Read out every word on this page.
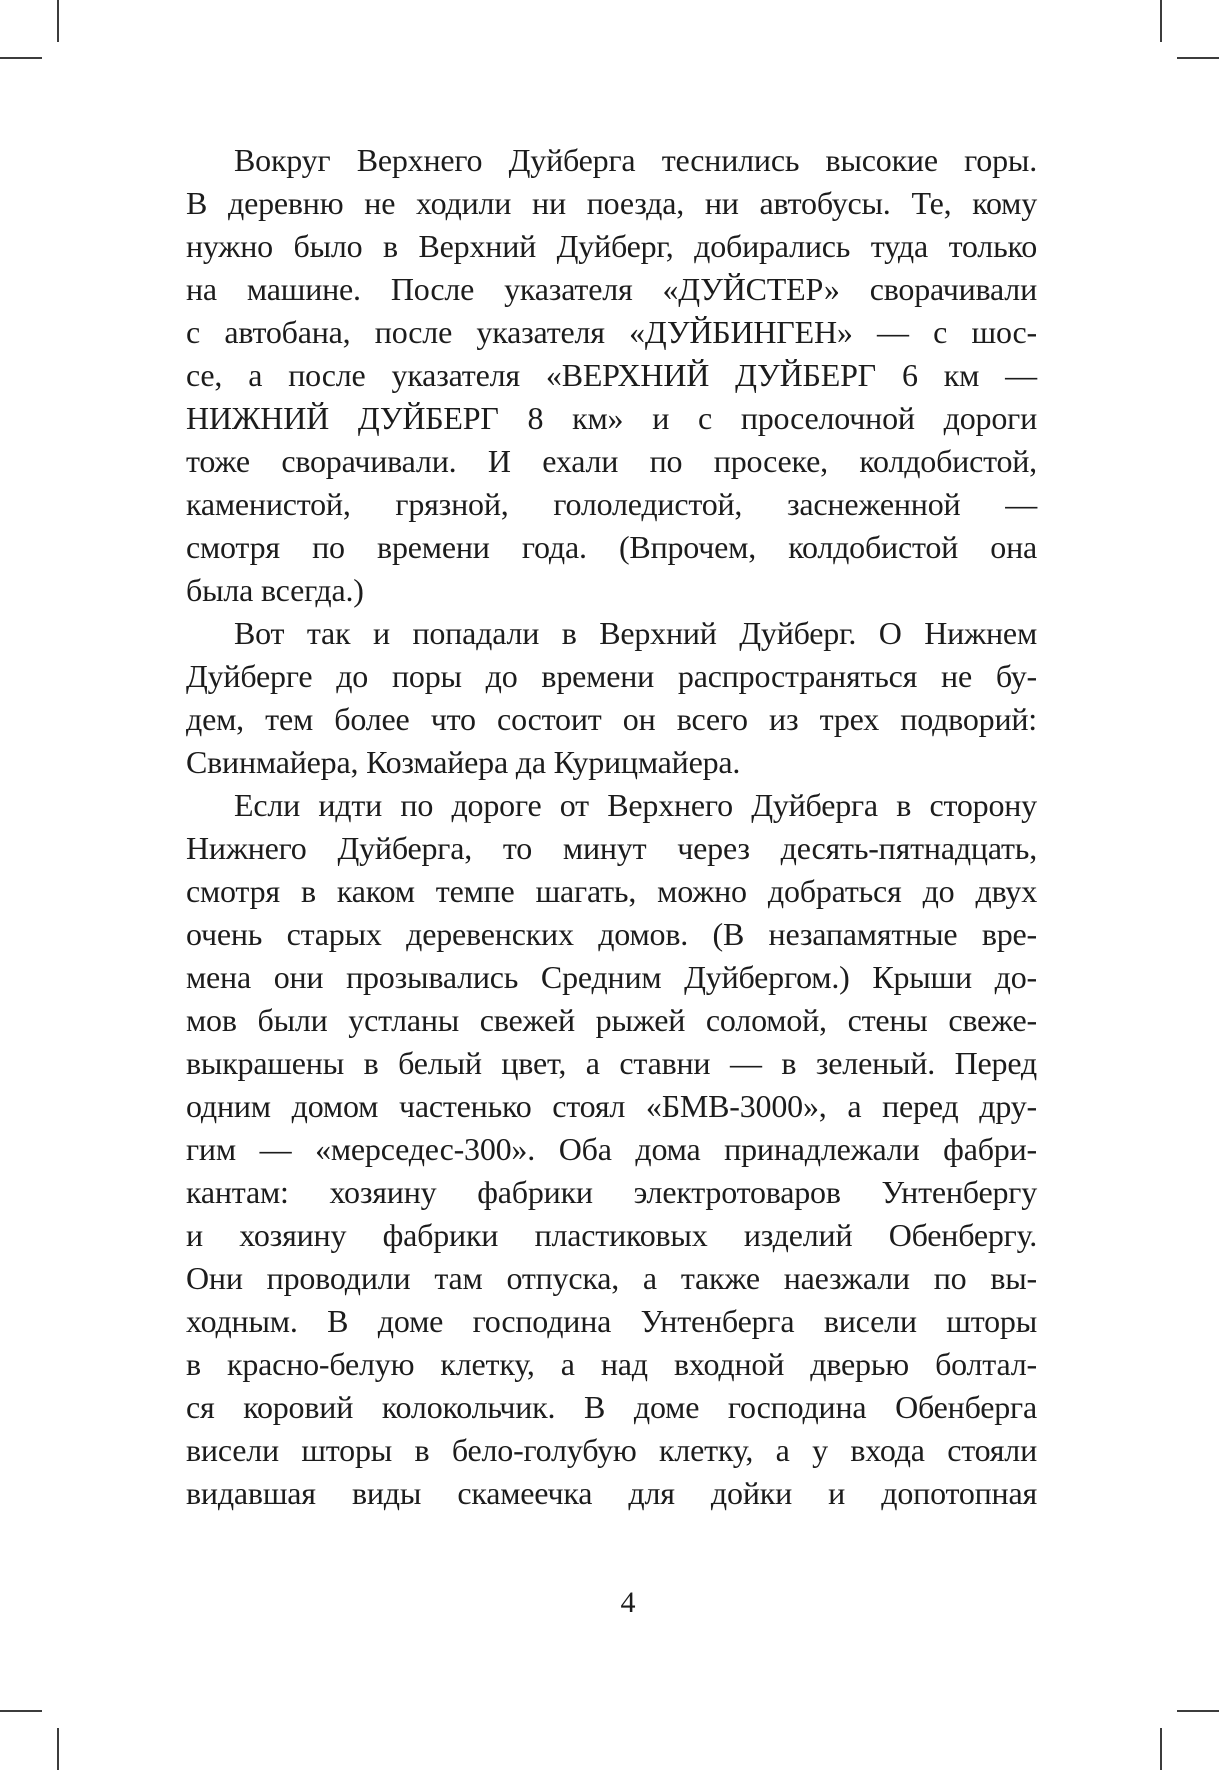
Вокруг Верхнего Дуйберга теснились высокие горы.
В деревню не ходили ни поезда, ни автобусы. Те, кому
нужно было в Верхний Дуйберг, добирались туда только
на машине. После указателя «ДУЙСТЕР» сворачивали
с автобана, после указателя «ДУЙБИНГЕН» — с шос-
се, а после указателя «ВЕРХНИЙ ДУЙБЕРГ 6 км —
НИЖНИЙ ДУЙБЕРГ 8 км» и с проселочной дороги
тоже сворачивали. И ехали по просеке, колдобистой,
каменистой, грязной, гололедистой, заснеженной —
смотря по времени года. (Впрочем, колдобистой она
была всегда.)
Вот так и попадали в Верхний Дуйберг. О Нижнем
Дуйберге до поры до времени распространяться не бу-
дем, тем более что состоит он всего из трех подворий:
Свинмайера, Козмайера да Курицмайера.
Если идти по дороге от Верхнего Дуйберга в сторону
Нижнего Дуйберга, то минут через десять-пятнадцать,
смотря в каком темпе шагать, можно добраться до двух
очень старых деревенских домов. (В незапамятные вре-
мена они прозывались Средним Дуйбергом.) Крыши до-
мов были устланы свежей рыжей соломой, стены свеже-
выкрашены в белый цвет, а ставни — в зеленый. Перед
одним домом частенько стоял «БМВ-3000», а перед дру-
гим — «мерседес-300». Оба дома принадлежали фабри-
кантам: хозяину фабрики электротоваров Унтенбергу
и хозяину фабрики пластиковых изделий Обенбергу.
Они проводили там отпуска, а также наезжали по вы-
ходным. В доме господина Унтенберга висели шторы
в красно-белую клетку, а над входной дверью болтал-
ся коровий колокольчик. В доме господина Обенберга
висели шторы в бело-голубую клетку, а у входа стояли
видавшая виды скамеечка для дойки и допотопная
4
